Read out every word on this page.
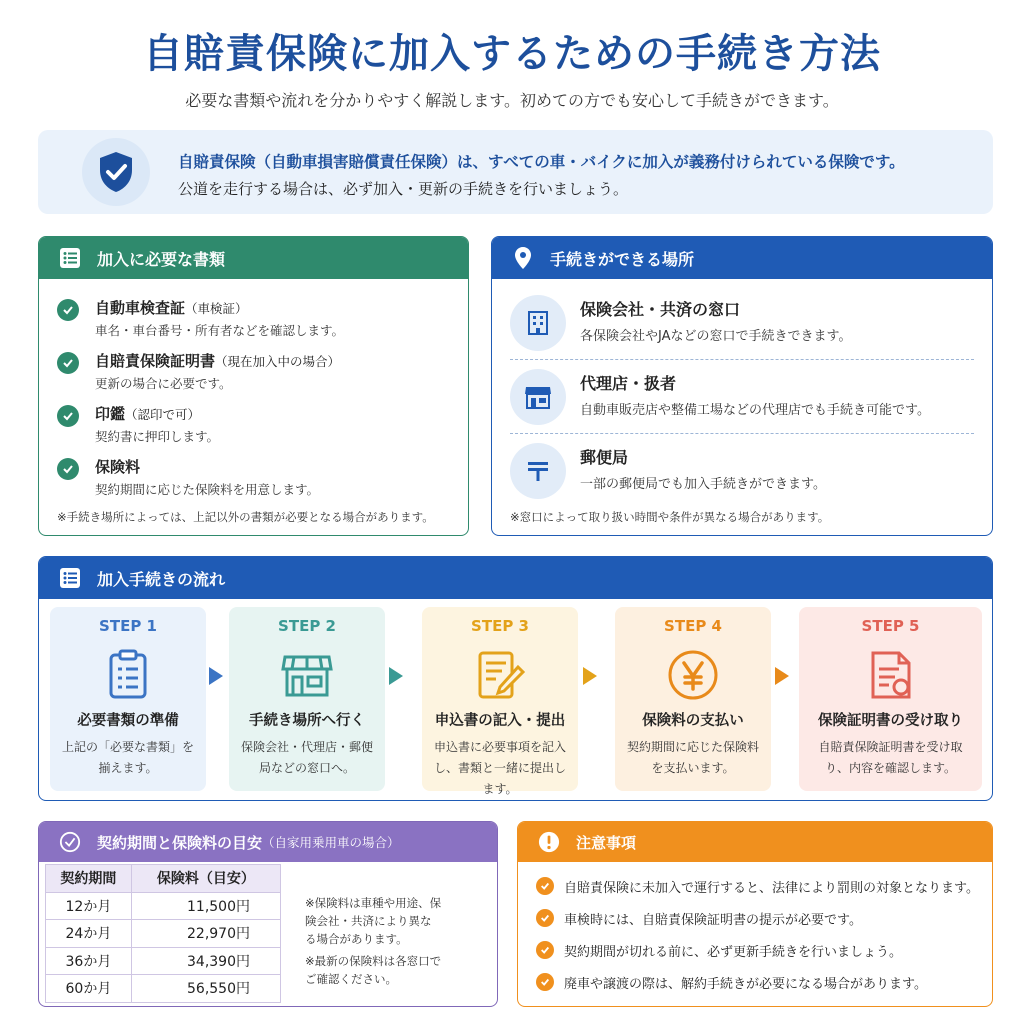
自賠責保険に加入するための手続き方法
必要な書類や流れを分かりやすく解説します。初めての方でも安心して手続きができます。
自賠責保険（自動車損害賠償責任保険）は、すべての車・バイクに加入が義務付けられている保険です。
公道を走行する場合は、必ず加入・更新の手続きを行いましょう。
加入に必要な書類
自動車検査証（車検証）
車名・車台番号・所有者などを確認します。
自賠責保険証明書（現在加入中の場合）
更新の場合に必要です。
印鑑（認印で可）
契約書に押印します。
保険料
契約期間に応じた保険料を用意します。
※手続き場所によっては、上記以外の書類が必要となる場合があります。
手続きができる場所
保険会社・共済の窓口
各保険会社やJAなどの窓口で手続きできます。
代理店・扱者
自動車販売店や整備工場などの代理店でも手続き可能です。
郵便局
一部の郵便局でも加入手続きができます。
※窓口によって取り扱い時間や条件が異なる場合があります。
加入手続きの流れ
STEP 1
必要書類の準備
上記の「必要な書類」を揃えます。
STEP 2
手続き場所へ行く
保険会社・代理店・郵便局などの窓口へ。
STEP 3
申込書の記入・提出
申込書に必要事項を記入し、書類と一緒に提出します。
STEP 4
保険料の支払い
契約期間に応じた保険料を支払います。
STEP 5
保険証明書の受け取り
自賠責保険証明書を受け取り、内容を確認します。
契約期間と保険料の目安 （自家用乗用車の場合）
契約期間	保険料（目安）
12か月	11,500円
24か月	22,970円
36か月	34,390円
60か月	56,550円
※保険料は車種や用途、保
険会社・共済により異な
る場合があります。
※最新の保険料は各窓口で
ご確認ください。
注意事項
自賠責保険に未加入で運行すると、法律により罰則の対象となります。
車検時には、自賠責保険証明書の提示が必要です。
契約期間が切れる前に、必ず更新手続きを行いましょう。
廃車や譲渡の際は、解約手続きが必要になる場合があります。
